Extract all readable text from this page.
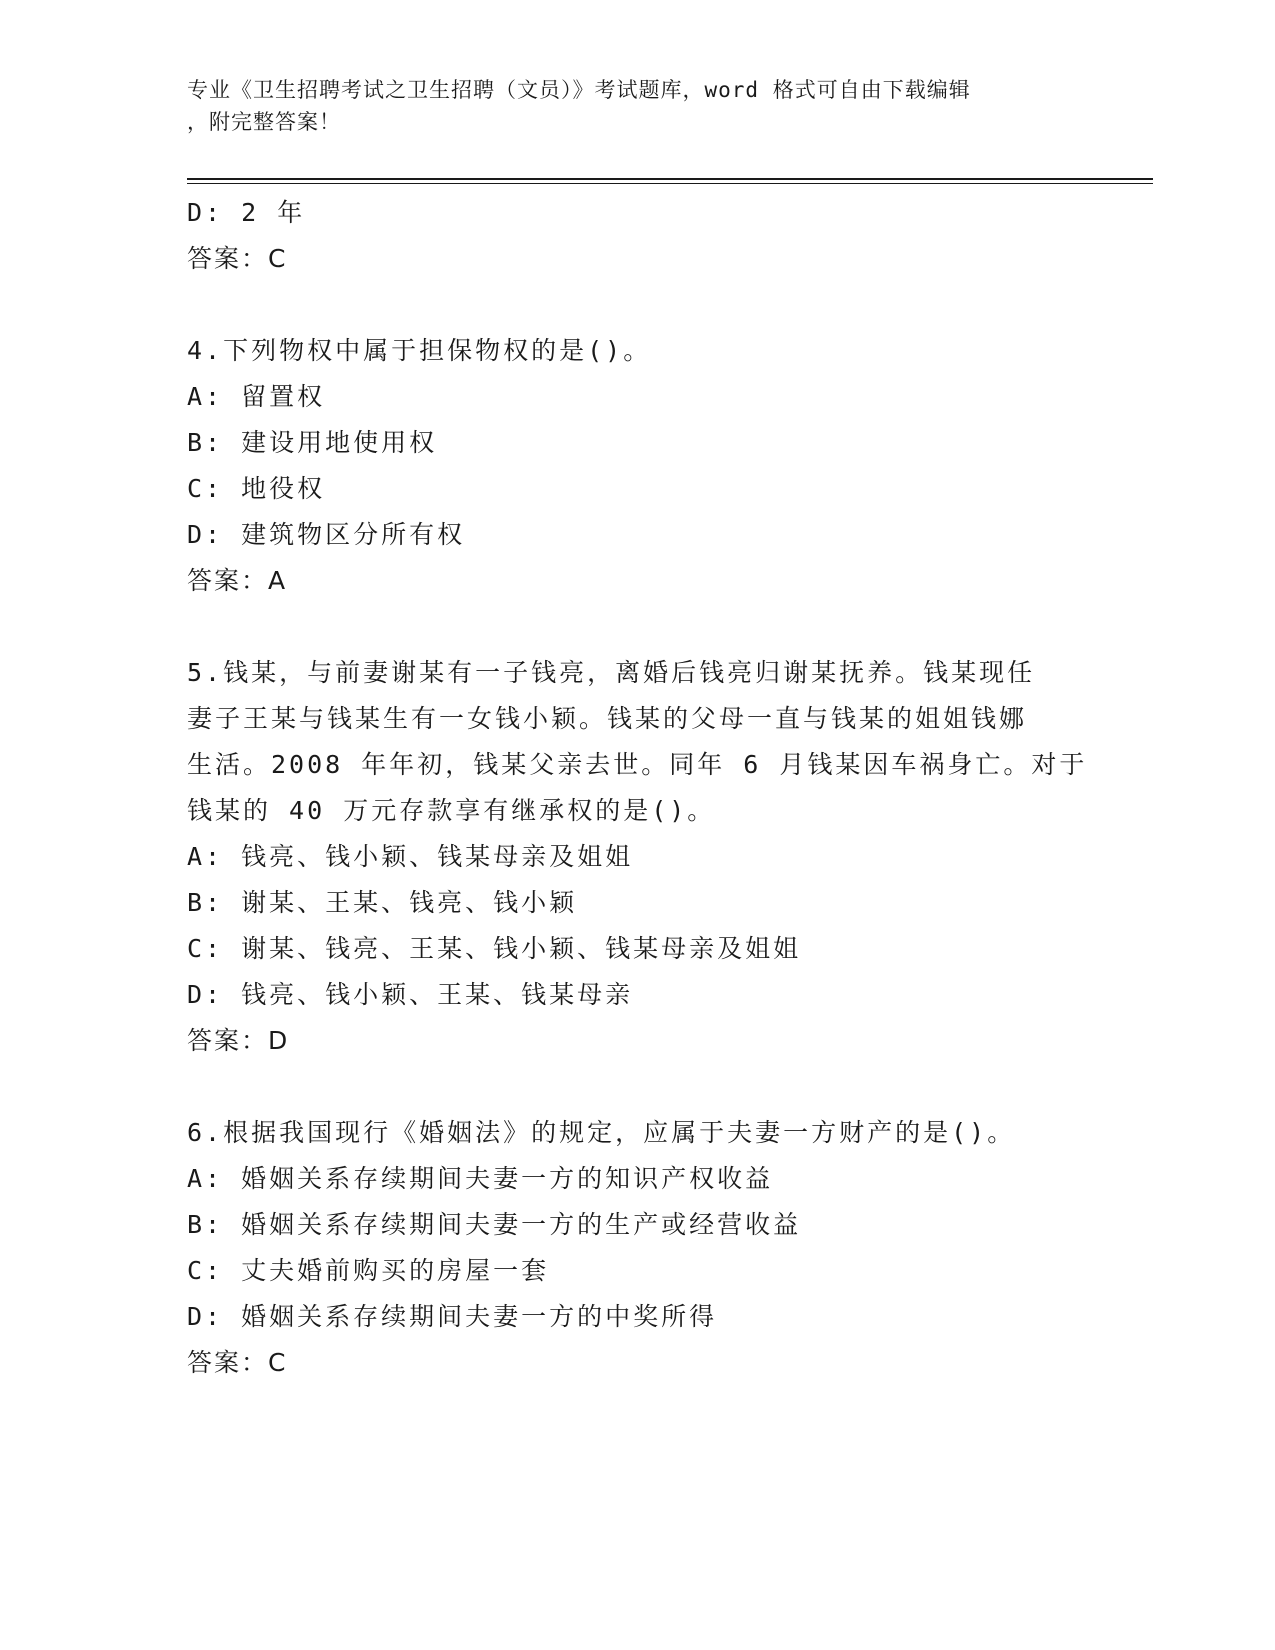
专业《卫生招聘考试之卫生招聘（文员）》考试题库，word 格式可自由下载编辑
，附完整答案！
D: 2 年
答案：C
4.下列物权中属于担保物权的是()。
A: 留置权
B: 建设用地使用权
C: 地役权
D: 建筑物区分所有权
答案：A
5.钱某，与前妻谢某有一子钱亮，离婚后钱亮归谢某抚养。钱某现任
妻子王某与钱某生有一女钱小颖。钱某的父母一直与钱某的姐姐钱娜
生活。2008 年年初，钱某父亲去世。同年 6 月钱某因车祸身亡。对于
钱某的 40 万元存款享有继承权的是()。
A: 钱亮、钱小颖、钱某母亲及姐姐
B: 谢某、王某、钱亮、钱小颖
C: 谢某、钱亮、王某、钱小颖、钱某母亲及姐姐
D: 钱亮、钱小颖、王某、钱某母亲
答案：D
6.根据我国现行《婚姻法》的规定，应属于夫妻一方财产的是()。
A: 婚姻关系存续期间夫妻一方的知识产权收益
B: 婚姻关系存续期间夫妻一方的生产或经营收益
C: 丈夫婚前购买的房屋一套
D: 婚姻关系存续期间夫妻一方的中奖所得
答案：C
